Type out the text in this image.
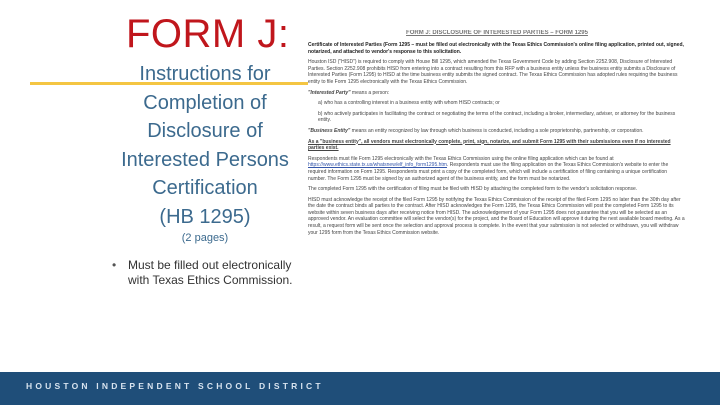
FORM J:
Instructions for
Completion of
Disclosure of
Interested Persons
Certification
(HB 1295)
(2 pages)
• Must be filled out electronically with Texas Ethics Commission.
FORM J: DISCLOSURE OF INTERESTED PARTIES – FORM 1295

Certificate of Interested Parties (Form 1295 – must be filled out electronically with the Texas Ethics Commission's online filing application, printed out, signed, notarized, and attached to vendor's response to this solicitation.

Houston ISD ("HISD") is required to comply with House Bill 1295, which amended the Texas Government Code by adding Section 2252.908, Disclosure of Interested Parties. Section 2252.908 prohibits HISD from entering into a contract resulting from this RFP with a business entity unless the business entity submits a Disclosure of Interested Parties (Form 1295) to HISD at the time business entity submits the signed contract. The Texas Ethics Commission has adopted rules requiring the business entity to file Form 1295 electronically with the Texas Ethics Commission.

"Interested Party" means a person:

a) who has a controlling interest in a business entity with whom HISD contracts; or

b) who actively participates in facilitating the contract or negotiating the terms of the contract, including a broker, intermediary, adviser, or attorney for the business entity.

"Business Entity" means an entity recognized by law through which business is conducted, including a sole proprietorship, partnership, or corporation.

As a "business entity", all vendors must electronically complete, print, sign, notarize, and submit Form 1295 with their submissions even if no interested parties exist.

Respondents must file Form 1295 electronically with the Texas Ethics Commission using the online filing application which can be found at https://www.ethics.state.tx.us/whatsnew/elf_info_form1295.htm. Respondents must use the filing application on the Texas Ethics Commission's website to enter the required information on Form 1295. Respondents must print a copy of the completed form, which will include a certification of filing containing a unique certification number. The Form 1295 must be signed by an authorized agent of the business entity, and the form must be notarized.

The completed Form 1295 with the certification of filing must be filed with HISD by attaching the completed form to the vendor's solicitation response.

HISD must acknowledge the receipt of the filed Form 1295 by notifying the Texas Ethics Commission of the receipt of the filed Form 1295 no later than the 30th day after the date the contract binds all parties to the contract. After HISD acknowledges the Form 1295, the Texas Ethics Commission will post the completed Form 1295 to its website within seven business days after receiving notice from HISD. The acknowledgement of your Form 1295 does not guarantee that you will be selected as an approved vendor. An evaluation committee will select the vendor(s) for the project, and the Board of Education will approve it during the next available board meeting. As a result, a request form will be sent once the selection and approval process is complete. In the event that your submission is not selected or withdrawn, you will withdraw your 1295 form from the Texas Ethics Commission website.

HOUSTON INDEPENDENT SCHOOL DISTRICT
